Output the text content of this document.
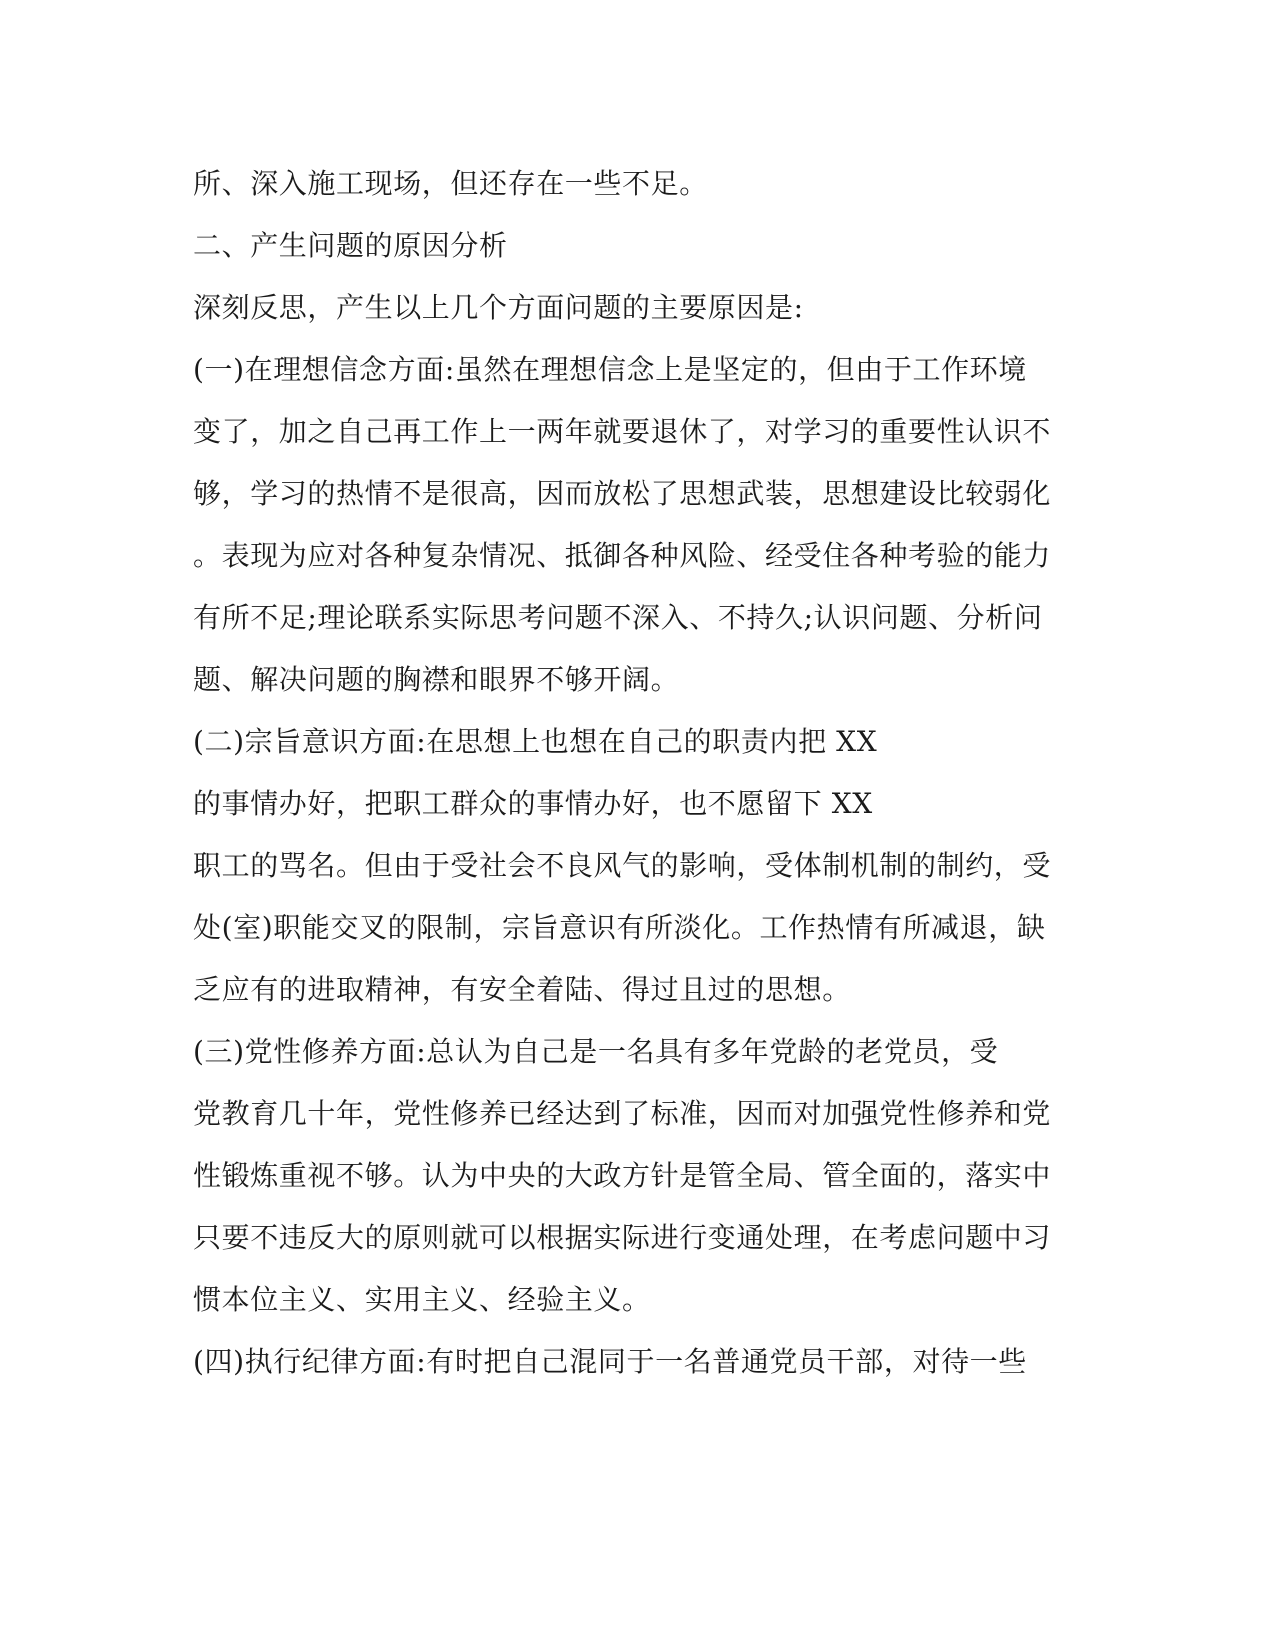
所、深入施工现场，但还存在一些不足。
二、产生问题的原因分析
深刻反思，产生以上几个方面问题的主要原因是:
(一)在理想信念方面:虽然在理想信念上是坚定的，但由于工作环境
变了，加之自己再工作上一两年就要退休了，对学习的重要性认识不
够，学习的热情不是很高，因而放松了思想武装，思想建设比较弱化
。表现为应对各种复杂情况、抵御各种风险、经受住各种考验的能力
有所不足;理论联系实际思考问题不深入、不持久;认识问题、分析问
题、解决问题的胸襟和眼界不够开阔。
(二)宗旨意识方面:在思想上也想在自己的职责内把 XX
的事情办好，把职工群众的事情办好，也不愿留下 XX
职工的骂名。但由于受社会不良风气的影响，受体制机制的制约，受
处(室)职能交叉的限制，宗旨意识有所淡化。工作热情有所减退，缺
乏应有的进取精神，有安全着陆、得过且过的思想。
(三)党性修养方面:总认为自己是一名具有多年党龄的老党员，受
党教育几十年，党性修养已经达到了标准，因而对加强党性修养和党
性锻炼重视不够。认为中央的大政方针是管全局、管全面的，落实中
只要不违反大的原则就可以根据实际进行变通处理，在考虑问题中习
惯本位主义、实用主义、经验主义。
(四)执行纪律方面:有时把自己混同于一名普通党员干部，对待一些
